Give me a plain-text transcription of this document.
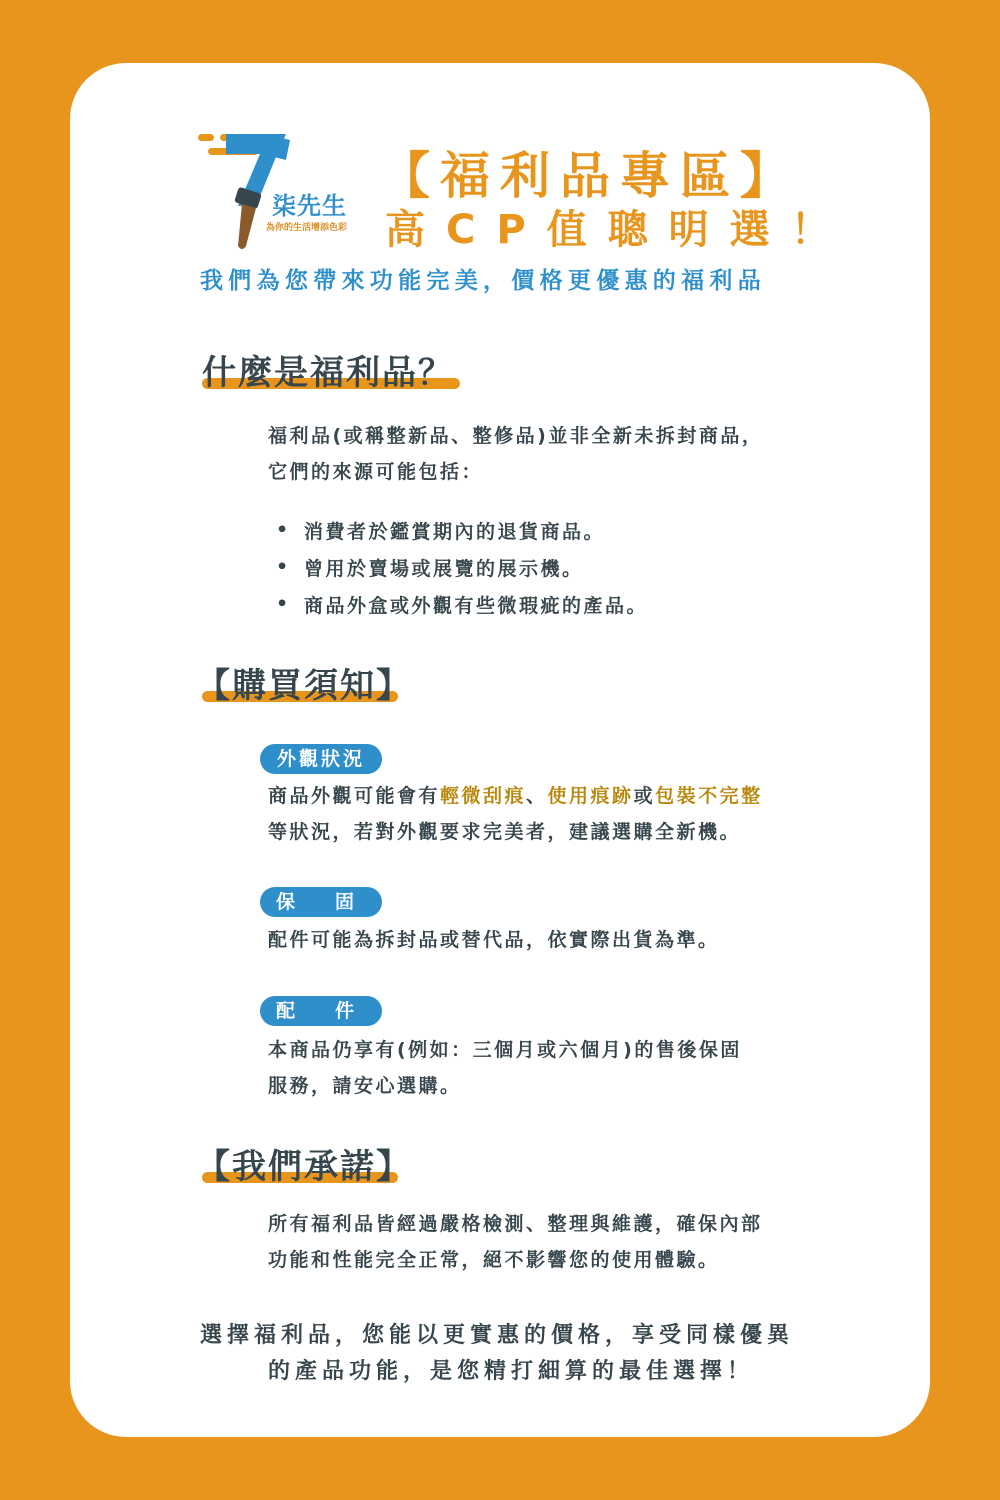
柒先生
為你的生活增添色彩
【福利品專區】
高CP值聰明選！
我們為您帶來功能完美，價格更優惠的福利品
什麼是福利品？
福利品(或稱整新品、整修品)並非全新未拆封商品，
它們的來源可能包括：
• 消費者於鑑賞期內的退貨商品。
• 曾用於賣場或展覽的展示機。
• 商品外盒或外觀有些微瑕疵的產品。
【購買須知】
外觀狀況
商品外觀可能會有輕微刮痕、使用痕跡或包裝不完整
等狀況，若對外觀要求完美者，建議選購全新機。
保 固
配件可能為拆封品或替代品，依實際出貨為準。
配 件
本商品仍享有(例如：三個月或六個月)的售後保固
服務，請安心選購。
【我們承諾】
所有福利品皆經過嚴格檢測、整理與維護，確保內部
功能和性能完全正常，絕不影響您的使用體驗。
選擇福利品，您能以更實惠的價格，享受同樣優異
的產品功能，是您精打細算的最佳選擇！
